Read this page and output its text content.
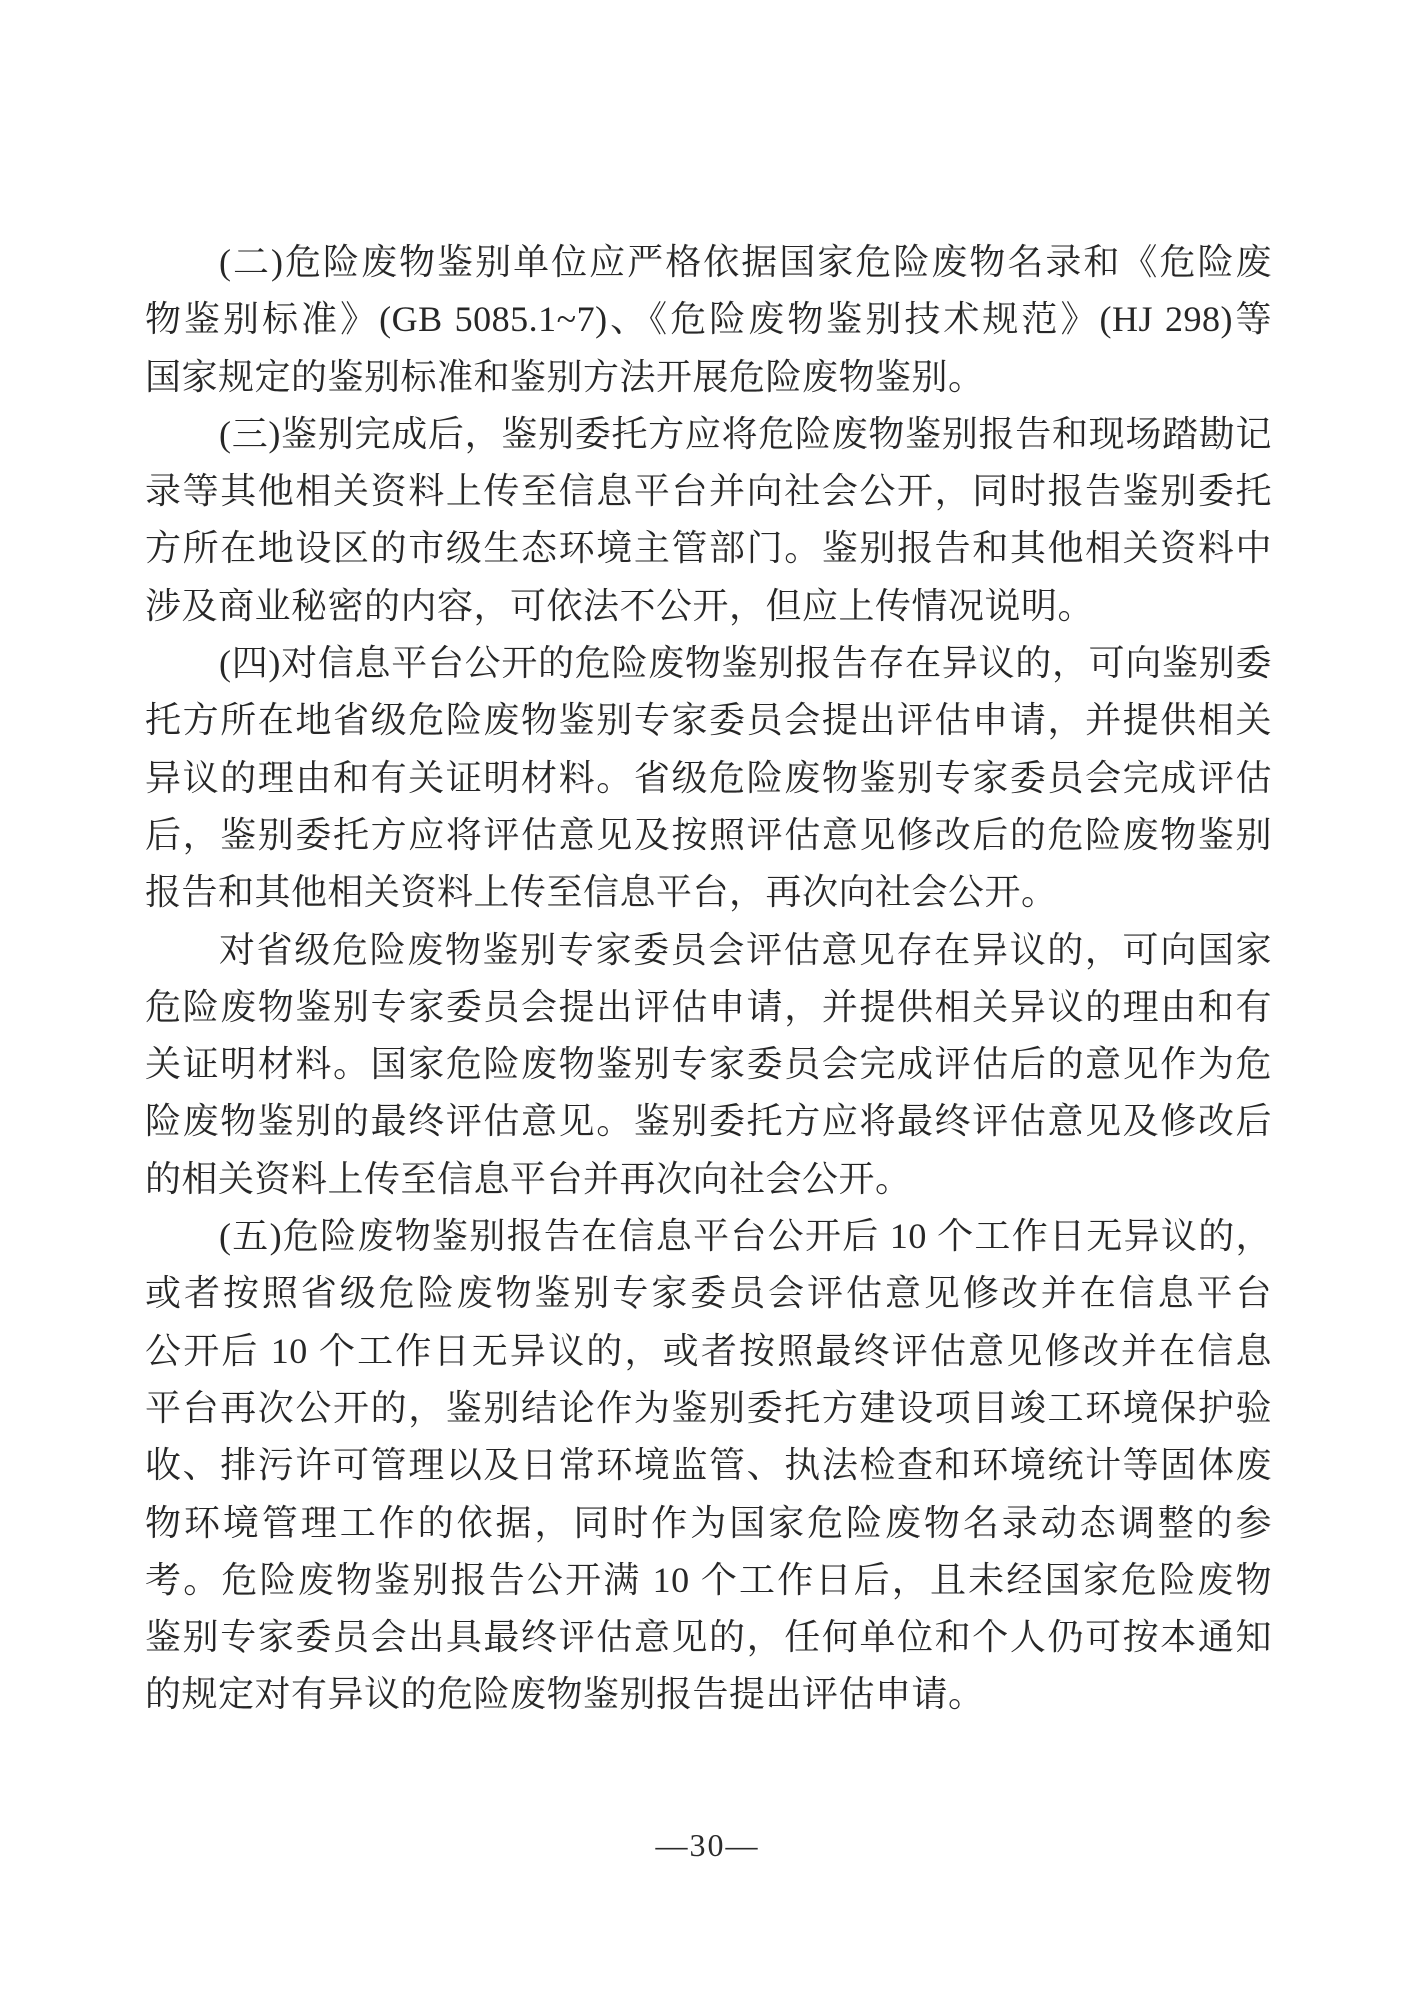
(二)危险废物鉴别单位应严格依据国家危险废物名录和《危险废
物鉴别标准》(GB 5085.1~7)、《危险废物鉴别技术规范》(HJ 298)等
国家规定的鉴别标准和鉴别方法开展危险废物鉴别。
(三)鉴别完成后，鉴别委托方应将危险废物鉴别报告和现场踏勘记
录等其他相关资料上传至信息平台并向社会公开，同时报告鉴别委托
方所在地设区的市级生态环境主管部门。鉴别报告和其他相关资料中
涉及商业秘密的内容，可依法不公开，但应上传情况说明。
(四)对信息平台公开的危险废物鉴别报告存在异议的，可向鉴别委
托方所在地省级危险废物鉴别专家委员会提出评估申请，并提供相关
异议的理由和有关证明材料。省级危险废物鉴别专家委员会完成评估
后，鉴别委托方应将评估意见及按照评估意见修改后的危险废物鉴别
报告和其他相关资料上传至信息平台，再次向社会公开。
对省级危险废物鉴别专家委员会评估意见存在异议的，可向国家
危险废物鉴别专家委员会提出评估申请，并提供相关异议的理由和有
关证明材料。国家危险废物鉴别专家委员会完成评估后的意见作为危
险废物鉴别的最终评估意见。鉴别委托方应将最终评估意见及修改后
的相关资料上传至信息平台并再次向社会公开。
(五)危险废物鉴别报告在信息平台公开后 10 个工作日无异议的，
或者按照省级危险废物鉴别专家委员会评估意见修改并在信息平台
公开后 10 个工作日无异议的，或者按照最终评估意见修改并在信息
平台再次公开的，鉴别结论作为鉴别委托方建设项目竣工环境保护验
收、排污许可管理以及日常环境监管、执法检查和环境统计等固体废
物环境管理工作的依据，同时作为国家危险废物名录动态调整的参
考。危险废物鉴别报告公开满 10 个工作日后，且未经国家危险废物
鉴别专家委员会出具最终评估意见的，任何单位和个人仍可按本通知
的规定对有异议的危险废物鉴别报告提出评估申请。
—30—
